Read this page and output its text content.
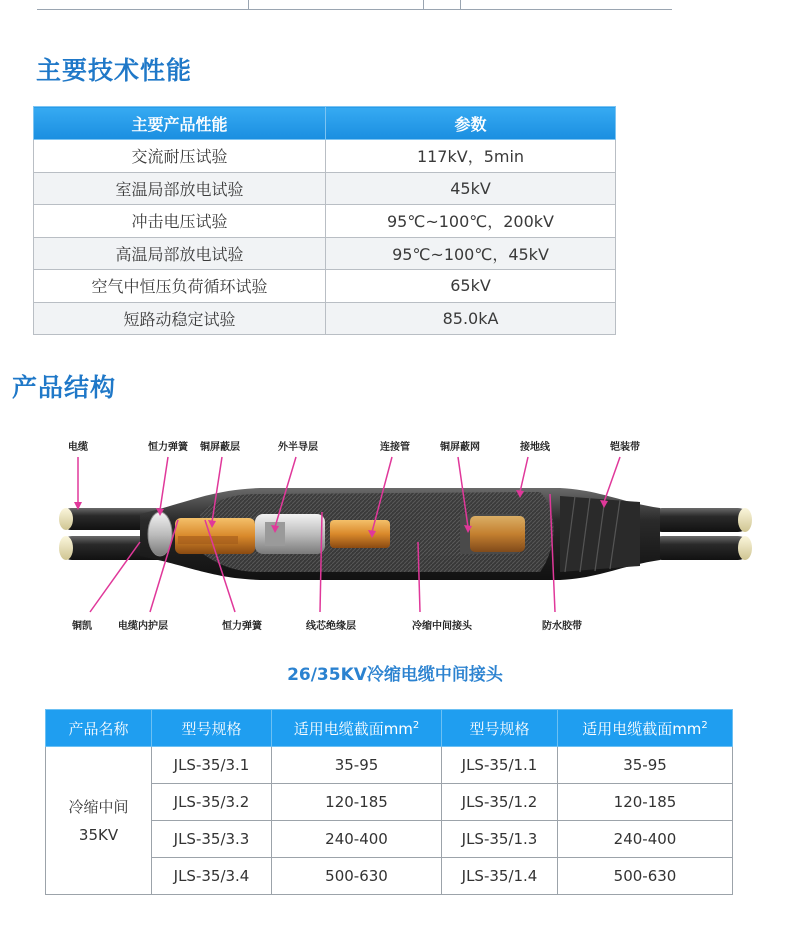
主要技术性能
主要产品性能	参数
交流耐压试验	117kV，5min
室温局部放电试验	45kV
冲击电压试验	95℃~100℃，200kV
高温局部放电试验	95℃~100℃，45kV
空气中恒压负荷循环试验	65kV
短路动稳定试验	85.0kA
产品结构
电缆	恒力弹簧 铜屏蔽层	外半导层	连接管	铜屏蔽网	接地线	铠装带
铜凯	电缆内护层	恒力弹簧	线芯绝缘层	冷缩中间接头	防水胶带
26/35KV冷缩电缆中间接头
产品名称	型号规格	适用电缆截面$mm^2$	型号规格	适用电缆截面$mm^2$
冷缩中间
35KV	JLS-35/3.1	35-95	JLS-35/1.1	35-95
	JLS-35/3.2	120-185	JLS-35/1.2	120-185
	JLS-35/3.3	240-400	JLS-35/1.3	240-400
	JLS-35/3.4	500-630	JLS-35/1.4	500-630
